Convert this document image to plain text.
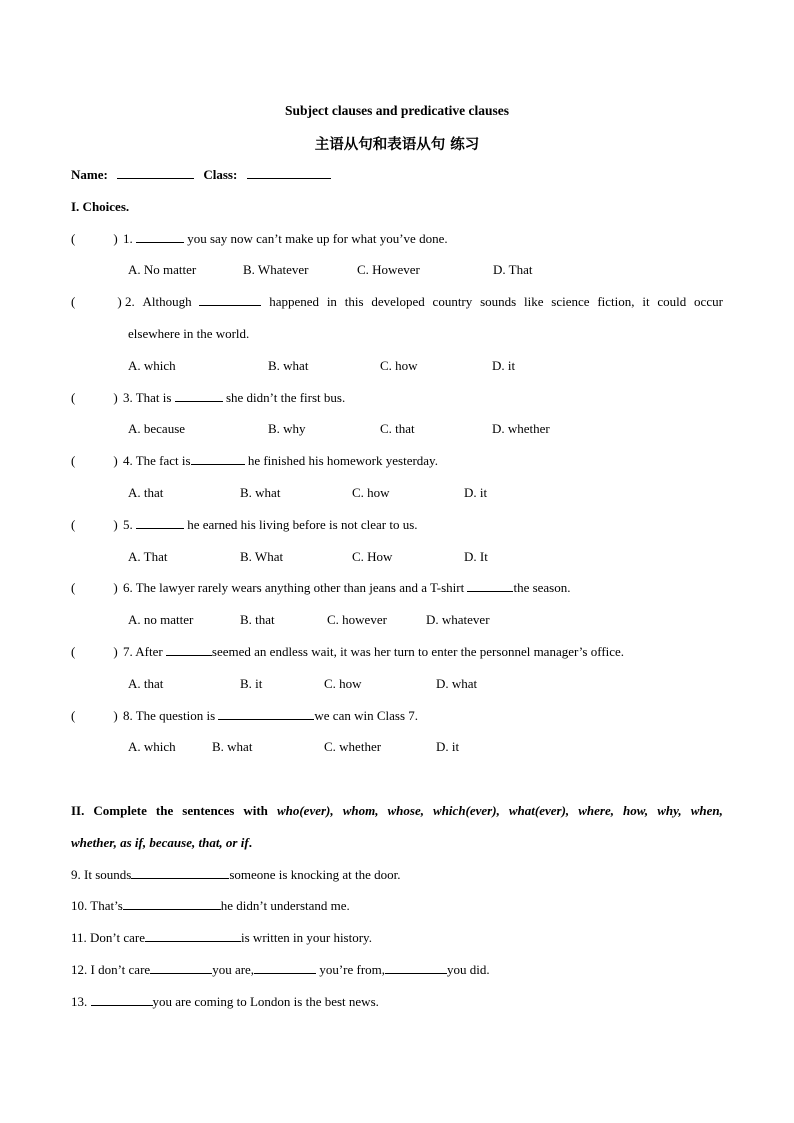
Subject clauses and predicative clauses
主语从句和表语从句 练习
Name:	Class:
I. Choices.
(	) 1.	you say now can’t make up for what you’ve done.
A. No matter	B. Whatever	C. However	D. That
(	) 2. Although	happened in this developed country sounds like science fiction, it could occur
elsewhere in the world.
A. which	B. what	C. how	D. it
(	) 3. That is	she didn’t the first bus.
A. because	B. why	C. that	D. whether
(	) 4. The fact is	he finished his homework yesterday.
A. that	B. what	C. how	D. it
(	) 5.	he earned his living before is not clear to us.
A. That	B. What	C. How	D. It
(	) 6. The lawyer rarely wears anything other than jeans and a T-shirt	the season.
A. no matter	B. that	C. however	D. whatever
(	) 7. After	seemed an endless wait, it was her turn to enter the personnel manager’s office.
A. that	B. it	C. how	D. what
(	) 8. The question is	we can win Class 7.
A. which	B. what	C. whether	D. it
II. Complete the sentences with who(ever), whom, whose, which(ever), what(ever), where, how, why, when,
whether, as if, because, that, or if.
9. It sounds	someone is knocking at the door.
10. That’s	he didn’t understand me.
11. Don’t care	is written in your history.
12. I don’t care	you are,	you’re from,	you did.
13.	you are coming to London is the best news.
